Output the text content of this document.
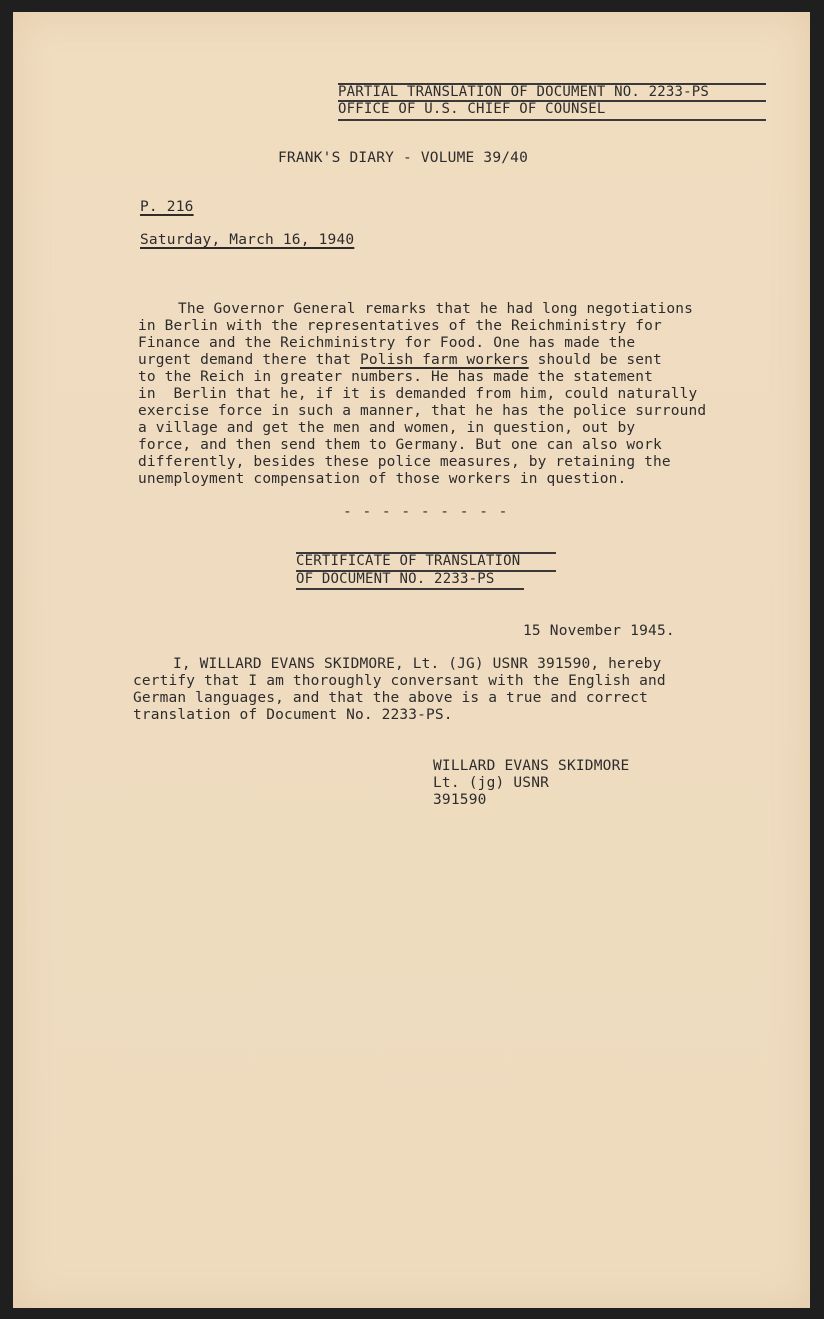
PARTIAL TRANSLATION OF DOCUMENT NO. 2233-PS
OFFICE OF U.S. CHIEF OF COUNSEL
FRANK'S DIARY - VOLUME 39/40
P. 216
Saturday, March 16, 1940
The Governor General remarks that he had long negotiations
in Berlin with the representatives of the Reichministry for
Finance and the Reichministry for Food. One has made the
urgent demand there that Polish farm workers should be sent
to the Reich in greater numbers. He has made the statement
in  Berlin that he, if it is demanded from him, could naturally
exercise force in such a manner, that he has the police surround
a village and get the men and women, in question, out by
force, and then send them to Germany. But one can also work
differently, besides these police measures, by retaining the
unemployment compensation of those workers in question.
- - - - - - - - -
CERTIFICATE OF TRANSLATION
OF DOCUMENT NO. 2233-PS
15 November 1945.
I, WILLARD EVANS SKIDMORE, Lt. (JG) USNR 391590, hereby
certify that I am thoroughly conversant with the English and
German languages, and that the above is a true and correct
translation of Document No. 2233-PS.
WILLARD EVANS SKIDMORE
Lt. (jg) USNR
391590
